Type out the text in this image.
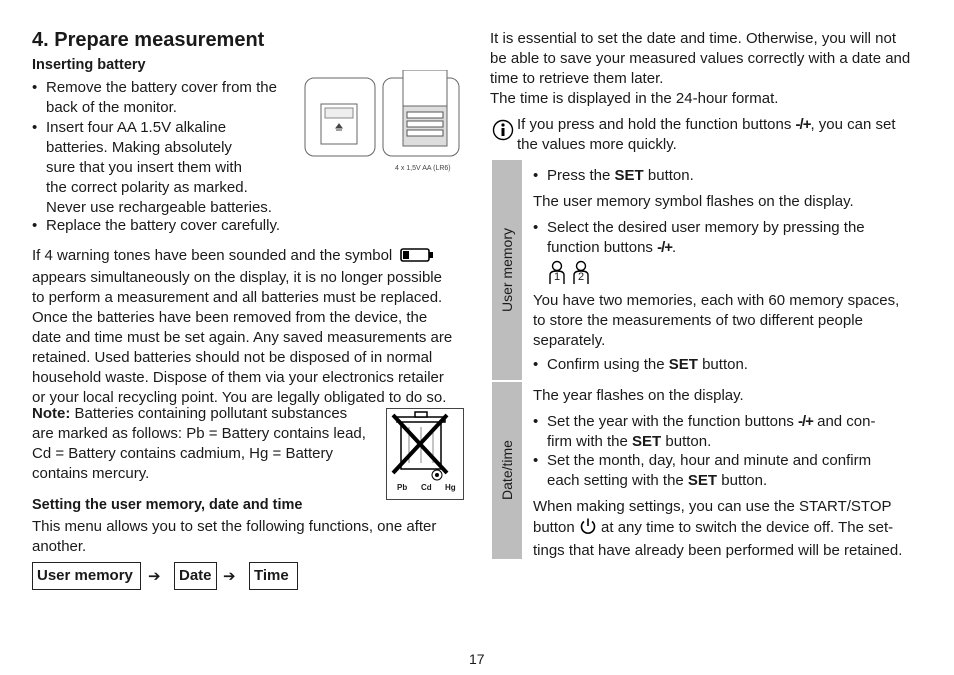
4. Prepare measurement
Inserting battery
• Remove the battery cover from the
back of the monitor.
• Insert four AA 1.5V alkaline
batteries. Making absolutely
sure that you insert them with
the correct polarity as marked.
Never use rechargeable batteries.
• Replace the battery cover carefully.
4 x 1,5V AA (LR6)
If 4 warning tones have been sounded and the symbol
appears simultaneously on the display, it is no longer possible
to perform a measurement and all batteries must be replaced.
Once the batteries have been removed from the device, the
date and time must be set again. Any saved measurements are
retained. Used batteries should not be disposed of in normal
household waste. Dispose of them via your electronics retailer
or your local recycling point. You are legally obligated to do so.
Note: Batteries containing pollutant substances
are marked as follows: Pb = Battery contains lead,
Cd = Battery contains cadmium, Hg = Battery
contains mercury.
Pb Cd Hg
Setting the user memory, date and time
This menu allows you to set the following functions, one after
another.
User memory	➔	Date ➔	Time
It is essential to set the date and time. Otherwise, you will not
be able to save your measured values correctly with a date and
time to retrieve them later.
The time is displayed in the 24-hour format.
If you press and hold the function buttons -/+, you can set
the values more quickly.
User memory
Date/time
• Press the SET button.
The user memory symbol flashes on the display.
• Select the desired user memory by pressing the
function buttons -/+.
1 2
You have two memories, each with 60 memory spaces,
to store the measurements of two different people
separately.
• Confirm using the SET button.
The year flashes on the display.
• Set the year with the function buttons -/+ and con-
firm with the SET button.
• Set the month, day, hour and minute and confirm
each setting with the SET button.
When making settings, you can use the START/STOP
button  at any time to switch the device off. The set-
tings that have already been performed will be retained.
17
